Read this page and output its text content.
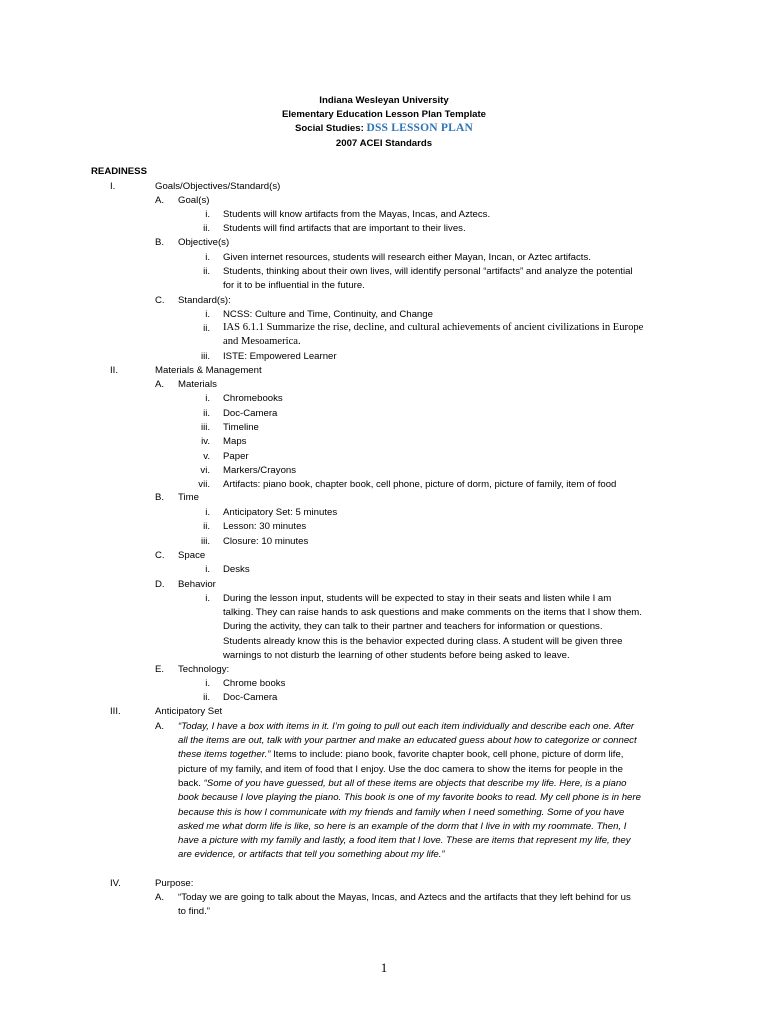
Indiana Wesleyan University
Elementary Education Lesson Plan Template
Social Studies: DSS LESSON PLAN
2007 ACEI Standards
READINESS
I.	Goals/Objectives/Standard(s)
A. Goal(s)
i. Students will know artifacts from the Mayas, Incas, and Aztecs.
ii. Students will find artifacts that are important to their lives.
B. Objective(s)
i. Given internet resources, students will research either Mayan, Incan, or Aztec artifacts.
ii. Students, thinking about their own lives, will identify personal “artifacts” and analyze the potential
for it to be influential in the future.
C. Standard(s):
i. NCSS: Culture and Time, Continuity, and Change
ii. IAS 6.1.1 Summarize the rise, decline, and cultural achievements of ancient civilizations in Europe
and Mesoamerica.
iii. ISTE: Empowered Learner
II.	Materials & Management
A. Materials
i. Chromebooks
ii. Doc-Camera
iii. Timeline
iv. Maps
v. Paper
vi. Markers/Crayons
vii. Artifacts: piano book, chapter book, cell phone, picture of dorm, picture of family, item of food
B. Time
i. Anticipatory Set: 5 minutes
ii. Lesson: 30 minutes
iii. Closure: 10 minutes
C. Space
i. Desks
D. Behavior
i. During the lesson input, students will be expected to stay in their seats and listen while I am
talking. They can raise hands to ask questions and make comments on the items that I show them.
During the activity, they can talk to their partner and teachers for information or questions.
Students already know this is the behavior expected during class. A student will be given three
warnings to not disturb the learning of other students before being asked to leave.
E. Technology:
i. Chrome books
ii. Doc-Camera
III.	Anticipatory Set
A. “Today, I have a box with items in it. I’m going to pull out each item individually and describe each one. After
all the items are out, talk with your partner and make an educated guess about how to categorize or connect
these items together.” Items to include: piano book, favorite chapter book, cell phone, picture of dorm life,
picture of my family, and item of food that I enjoy. Use the doc camera to show the items for people in the
back. “Some of you have guessed, but all of these items are objects that describe my life. Here, is a piano
book because I love playing the piano. This book is one of my favorite books to read. My cell phone is in here
because this is how I communicate with my friends and family when I need something. Some of you have
asked me what dorm life is like, so here is an example of the dorm that I live in with my roommate. Then, I
have a picture with my family and lastly, a food item that I love. These are items that represent my life, they
are evidence, or artifacts that tell you something about my life.”
IV.	Purpose:
A. “Today we are going to talk about the Mayas, Incas, and Aztecs and the artifacts that they left behind for us
to find.”
1
